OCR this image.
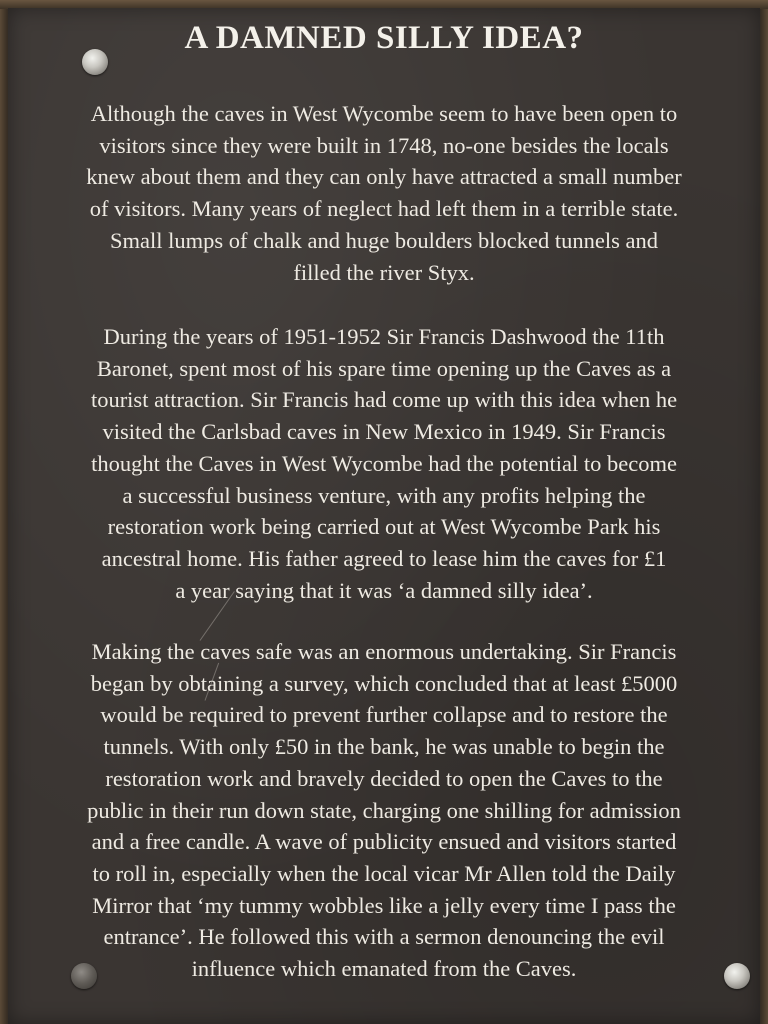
A DAMNED SILLY IDEA?
Although the caves in West Wycombe seem to have been open to
visitors since they were built in 1748, no-one besides the locals
knew about them and they can only have attracted a small number
of visitors. Many years of neglect had left them in a terrible state.
Small lumps of chalk and huge boulders blocked tunnels and
filled the river Styx.
During the years of 1951-1952 Sir Francis Dashwood the 11th
Baronet, spent most of his spare time opening up the Caves as a
tourist attraction. Sir Francis had come up with this idea when he
visited the Carlsbad caves in New Mexico in 1949. Sir Francis
thought the Caves in West Wycombe had the potential to become
a successful business venture, with any profits helping the
restoration work being carried out at West Wycombe Park his
ancestral home. His father agreed to lease him the caves for £1
a year saying that it was ‘a damned silly idea’.
Making the caves safe was an enormous undertaking. Sir Francis
began by obtaining a survey, which concluded that at least £5000
would be required to prevent further collapse and to restore the
tunnels. With only £50 in the bank, he was unable to begin the
restoration work and bravely decided to open the Caves to the
public in their run down state, charging one shilling for admission
and a free candle. A wave of publicity ensued and visitors started
to roll in, especially when the local vicar Mr Allen told the Daily
Mirror that ‘my tummy wobbles like a jelly every time I pass the
entrance’. He followed this with a sermon denouncing the evil
influence which emanated from the Caves.
